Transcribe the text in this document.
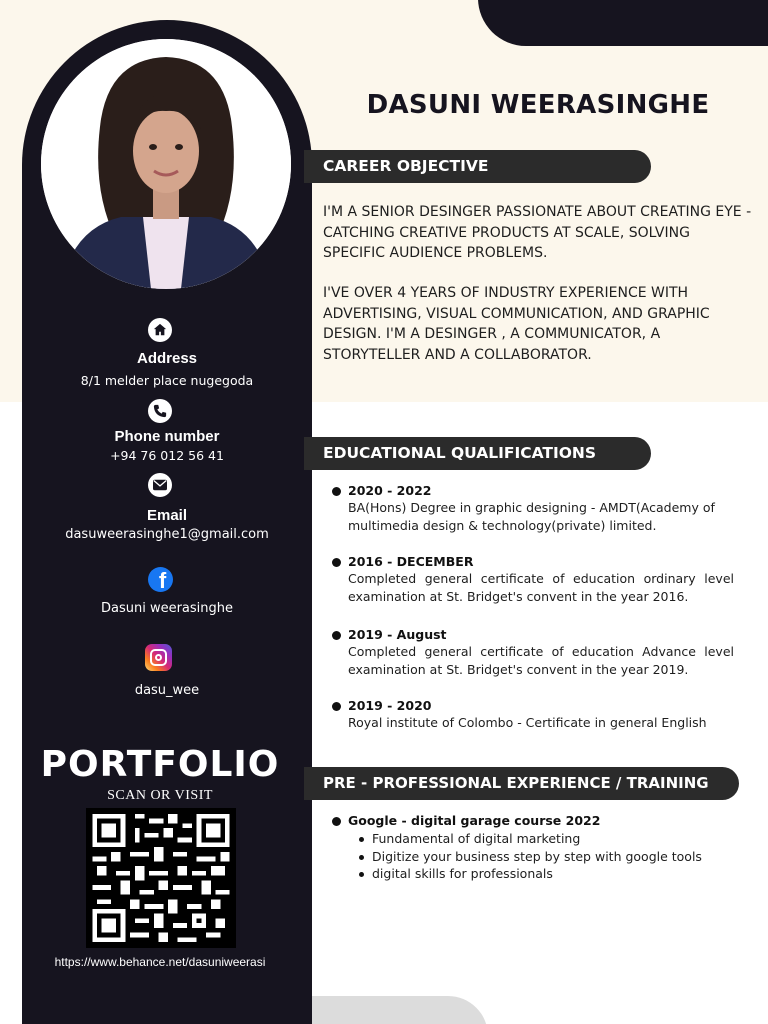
Address
8/1 melder place nugegoda
Phone number
+94 76 012 56 41
Email
dasuweerasinghe1@gmail.com
f
Dasuni weerasinghe
dasu_wee
PORTFOLIO
SCAN OR VISIT
https://www.behance.net/dasuniweerasi
DASUNI WEERASINGHE
CAREER OBJECTIVE
I'M A SENIOR DESINGER PASSIONATE ABOUT CREATING EYE - CATCHING CREATIVE PRODUCTS AT SCALE, SOLVING SPECIFIC AUDIENCE PROBLEMS.
I'VE OVER 4 YEARS OF INDUSTRY EXPERIENCE WITH ADVERTISING, VISUAL COMMUNICATION, AND GRAPHIC DESIGN. I'M A DESINGER , A COMMUNICATOR, A STORYTELLER AND A COLLABORATOR.
EDUCATIONAL QUALIFICATIONS
2020 - 2022
BA(Hons) Degree in graphic designing - AMDT(Academy of multimedia design & technology(private) limited.
2016 - DECEMBER
Completed general certificate of education ordinary level examination at St. Bridget's convent in the year 2016.
2019 - August
Completed general certificate of education Advance level examination at St. Bridget's convent in the year 2019.
2019 - 2020
Royal institute of Colombo - Certificate in general English
PRE - PROFESSIONAL EXPERIENCE / TRAINING
Google - digital garage course 2022
Fundamental of digital marketing
Digitize your business step by step with google tools
digital skills for professionals
